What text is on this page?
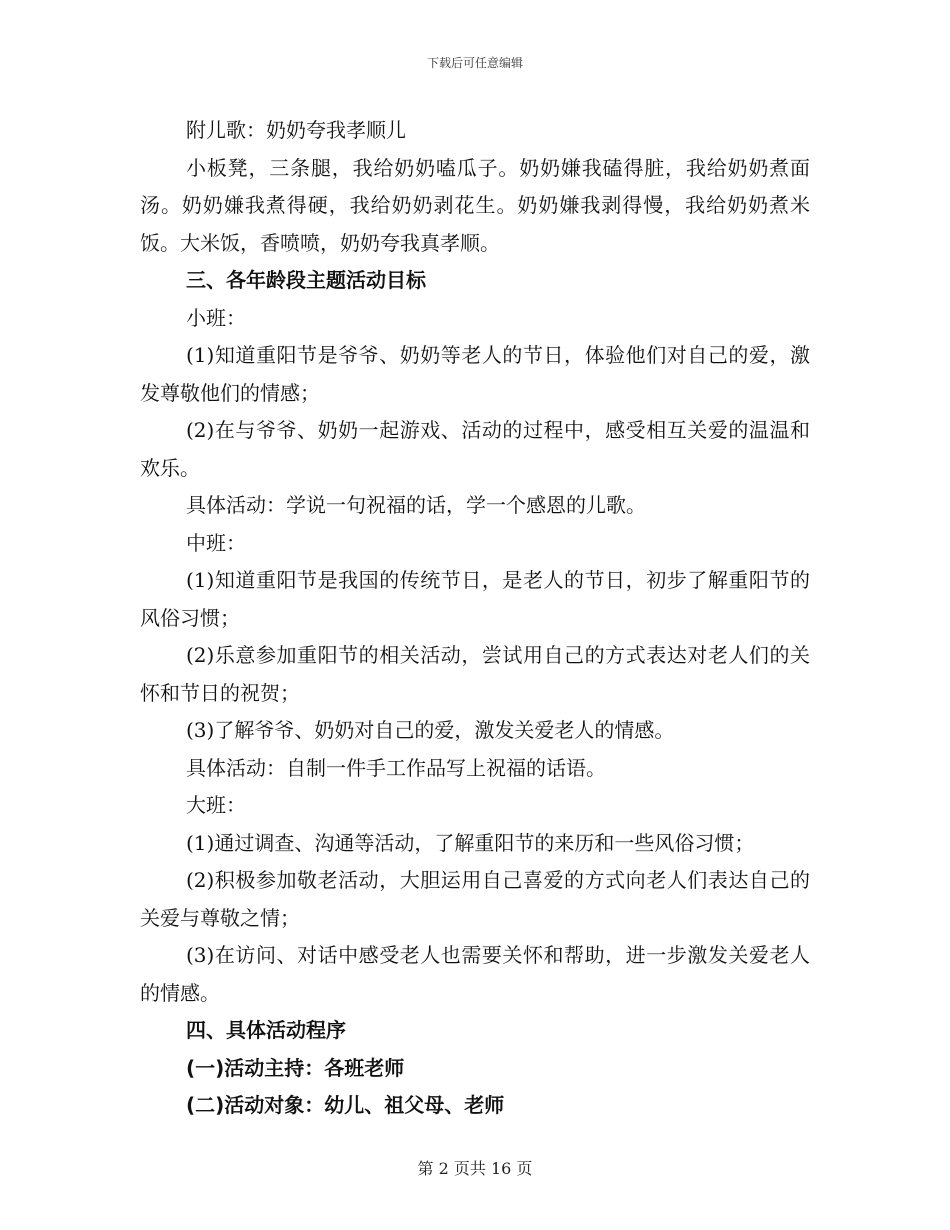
下载后可任意编辑

附儿歌：奶奶夸我孝顺儿

小板凳，三条腿，我给奶奶嗑瓜子。奶奶嫌我磕得脏，我给奶奶煮面汤。奶奶嫌我煮得硬，我给奶奶剥花生。奶奶嫌我剥得慢，我给奶奶煮米饭。大米饭，香喷喷，奶奶夸我真孝顺。

三、各年龄段主题活动目标

小班：

(1)知道重阳节是爷爷、奶奶等老人的节日，体验他们对自己的爱，激发尊敬他们的情感；

(2)在与爷爷、奶奶一起游戏、活动的过程中，感受相互关爱的温温和欢乐。

具体活动：学说一句祝福的话，学一个感恩的儿歌。

中班：

(1)知道重阳节是我国的传统节日，是老人的节日，初步了解重阳节的风俗习惯；

(2)乐意参加重阳节的相关活动，尝试用自己的方式表达对老人们的关怀和节日的祝贺；

(3)了解爷爷、奶奶对自己的爱，激发关爱老人的情感。

具体活动：自制一件手工作品写上祝福的话语。

大班：

(1)通过调查、沟通等活动，了解重阳节的来历和一些风俗习惯；

(2)积极参加敬老活动，大胆运用自己喜爱的方式向老人们表达自己的关爱与尊敬之情；

(3)在访问、对话中感受老人也需要关怀和帮助，进一步激发关爱老人的情感。

四、具体活动程序

(一)活动主持：各班老师

(二)活动对象：幼儿、祖父母、老师

第 2 页共 16 页
